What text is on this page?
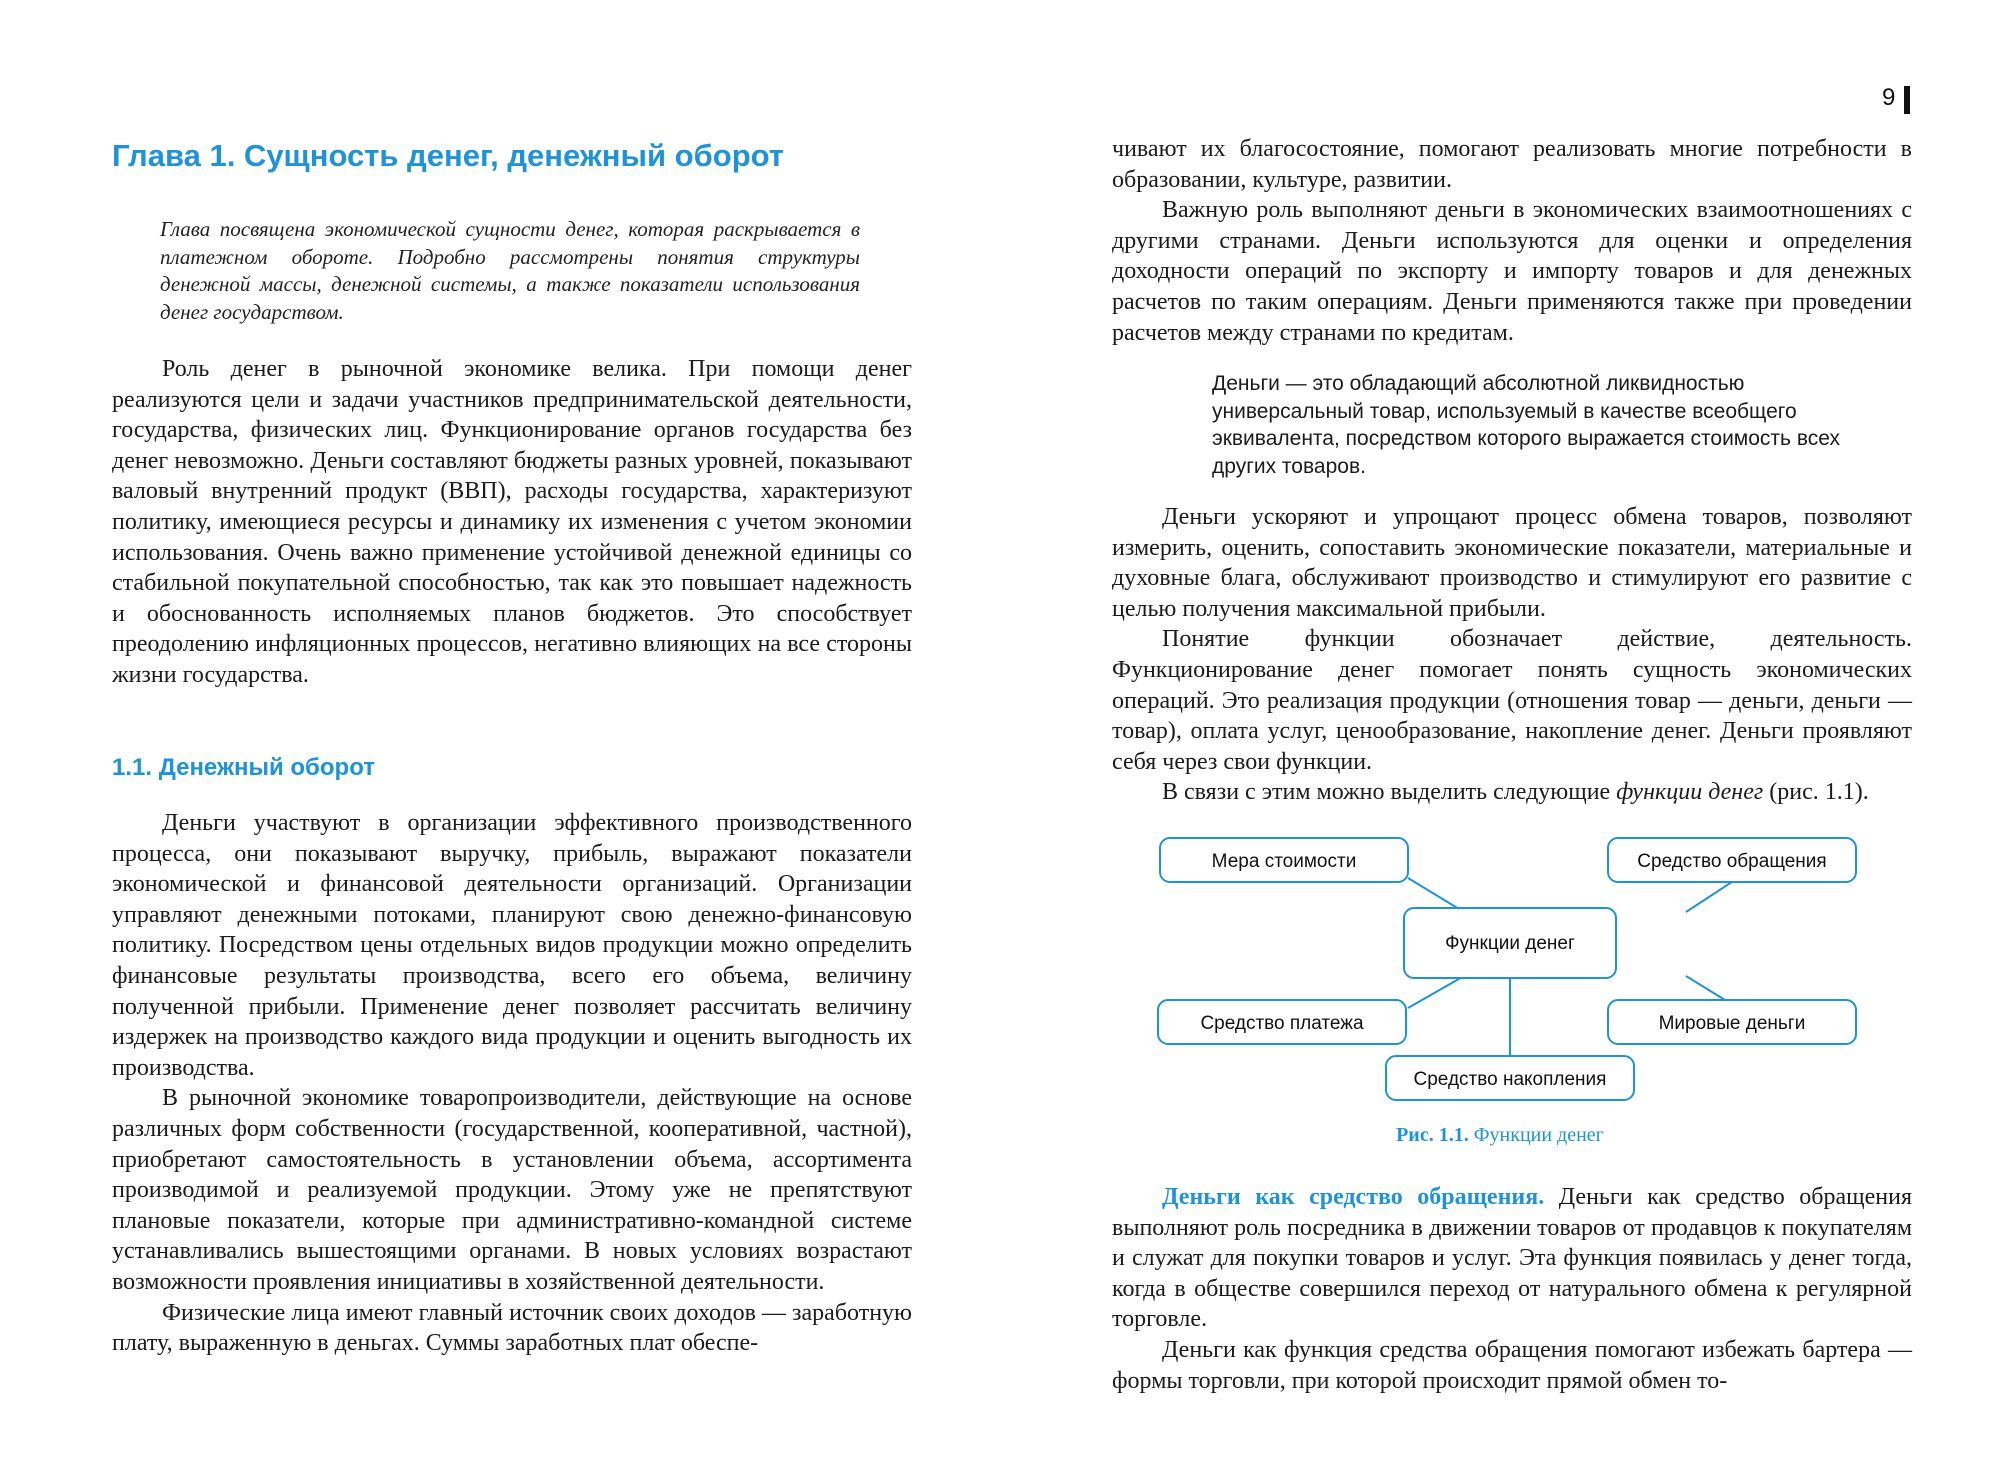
Глава 1. Сущность денег, денежный оборот
Глава посвящена экономической сущности денег, которая раскрывается в платежном обороте. Подробно рассмотрены понятия структуры денежной массы, денежной системы, а также показатели использования денег государством.
Роль денег в рыночной экономике велика. При помощи денег реализуются цели и задачи участников предпринимательской деятельности, государства, физических лиц. Функционирование органов государства без денег невозможно. Деньги составляют бюджеты разных уровней, показывают валовый внутренний продукт (ВВП), расходы государства, характеризуют политику, имеющиеся ресурсы и динамику их изменения с учетом экономии использования. Очень важно применение устойчивой денежной единицы со стабильной покупательной способностью, так как это повышает надежность и обоснованность исполняемых планов бюджетов. Это способствует преодолению инфляционных процессов, негативно влияющих на все стороны жизни государства.
1.1. Денежный оборот
Деньги участвуют в организации эффективного производственного процесса, они показывают выручку, прибыль, выражают показатели экономической и финансовой деятельности организаций. Организации управляют денежными потоками, планируют свою денежно-финансовую политику. Посредством цены отдельных видов продукции можно определить финансовые результаты производства, всего его объема, величину полученной прибыли. Применение денег позволяет рассчитать величину издержек на производство каждого вида продукции и оценить выгодность их производства.
В рыночной экономике товаропроизводители, действующие на основе различных форм собственности (государственной, кооперативной, частной), приобретают самостоятельность в установлении объема, ассортимента производимой и реализуемой продукции. Этому уже не препятствуют плановые показатели, которые при административно-командной системе устанавливались вышестоящими органами. В новых условиях возрастают возможности проявления инициативы в хозяйственной деятельности.
Физические лица имеют главный источник своих доходов — заработную плату, выраженную в деньгах. Суммы заработных плат обеспе-
9
чивают их благосостояние, помогают реализовать многие потребности в образовании, культуре, развитии.
Важную роль выполняют деньги в экономических взаимоотношениях с другими странами. Деньги используются для оценки и определения доходности операций по экспорту и импорту товаров и для денежных расчетов по таким операциям. Деньги применяются также при проведении расчетов между странами по кредитам.
Деньги — это обладающий абсолютной ликвидностью универсальный товар, используемый в качестве всеобщего эквивалента, посредством которого выражается стоимость всех других товаров.
Деньги ускоряют и упрощают процесс обмена товаров, позволяют измерить, оценить, сопоставить экономические показатели, материальные и духовные блага, обслуживают производство и стимулируют его развитие с целью получения максимальной прибыли.
Понятие функции обозначает действие, деятельность. Функционирование денег помогает понять сущность экономических операций. Это реализация продукции (отношения товар — деньги, деньги — товар), оплата услуг, ценообразование, накопление денег. Деньги проявляют себя через свои функции.
В связи с этим можно выделить следующие функции денег (рис. 1.1).
Мера стоимости	Средство обращения
Функции денег
Средство платежа	Мировые деньги
Средство накопления
Рис. 1.1. Функции денег
Деньги как средство обращения. Деньги как средство обращения выполняют роль посредника в движении товаров от продавцов к покупателям и служат для покупки товаров и услуг. Эта функция появилась у денег тогда, когда в обществе совершился переход от натурального обмена к регулярной торговле.
Деньги как функция средства обращения помогают избежать бартера — формы торговли, при которой происходит прямой обмен то-
